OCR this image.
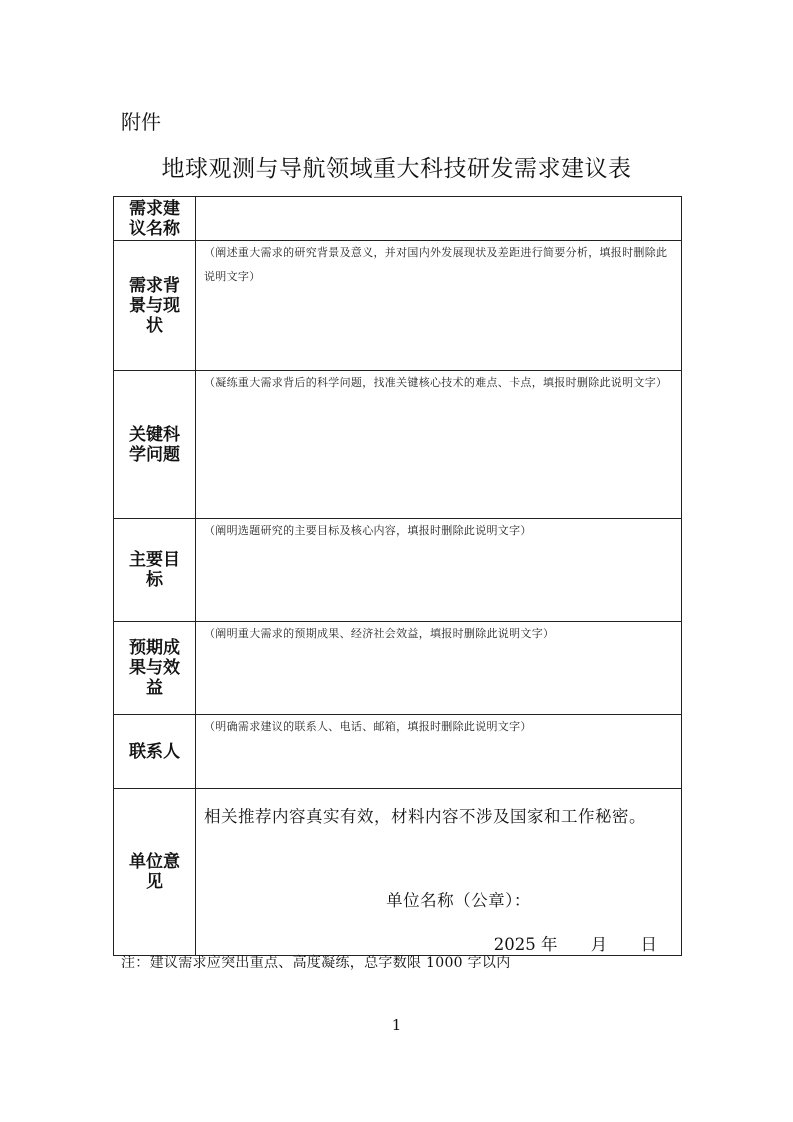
附件
地球观测与导航领域重大科技研发需求建议表
需求建议名称	

需求背景与现状	（阐述重大需求的研究背景及意义，并对国内外发展现状及差距进行简要分析，填报时删除此说明文字）

关键科学问题	（凝练重大需求背后的科学问题，找准关键核心技术的难点、卡点，填报时删除此说明文字）

主要目标	（阐明选题研究的主要目标及核心内容，填报时删除此说明文字）

预期成果与效益	（阐明重大需求的预期成果、经济社会效益，填报时删除此说明文字）

联系人	（明确需求建议的联系人、电话、邮箱，填报时删除此说明文字）

单位意见	相关推荐内容真实有效，材料内容不涉及国家和工作秘密。
单位名称（公章）：
2025 年 月 日
注：建议需求应突出重点、高度凝练，总字数限 1000 字以内
1
